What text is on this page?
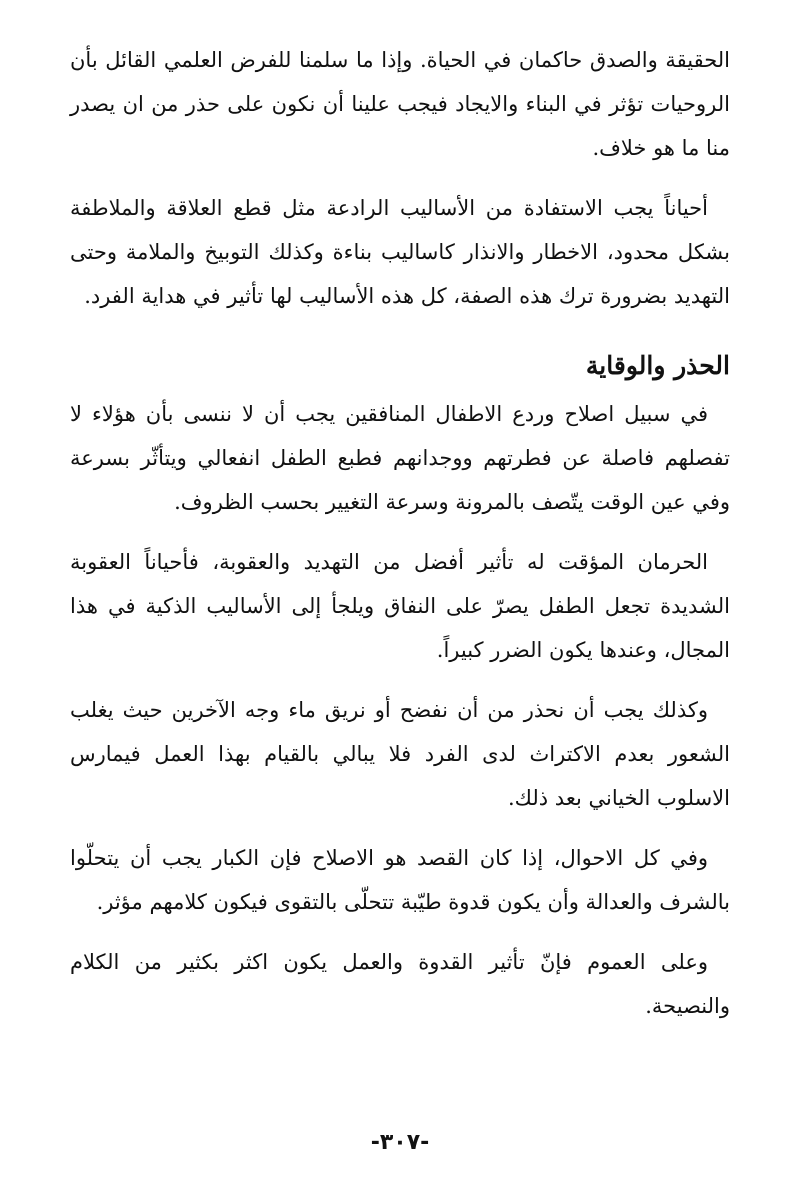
الحقيقة والصدق حاكمان في الحياة. وإذا ما سلمنا للفرض العلمي القائل بأن الروحيات تؤثر في البناء والايجاد فيجب علينا أن نكون على حذر من ان يصدر منا ما هو خلاف.

أحياناً يجب الاستفادة من الأساليب الرادعة مثل قطع العلاقة والملاطفة بشكل محدود، الاخطار والانذار كاساليب بناءة وكذلك التوبيخ والملامة وحتى التهديد بضرورة ترك هذه الصفة، كل هذه الأساليب لها تأثير في هداية الفرد.

الحذر والوقاية

في سبيل اصلاح وردع الاطفال المنافقين يجب أن لا ننسى بأن هؤلاء لا تفصلهم فاصلة عن فطرتهم ووجدانهم فطبع الطفل انفعالي ويتأثّر بسرعة وفي عين الوقت يتّصف بالمرونة وسرعة التغيير بحسب الظروف.

الحرمان المؤقت له تأثير أفضل من التهديد والعقوبة، فأحياناً العقوبة الشديدة تجعل الطفل يصرّ على النفاق ويلجأ إلى الأساليب الذكية في هذا المجال، وعندها يكون الضرر كبيراً.

وكذلك يجب أن نحذر من أن نفضح أو نريق ماء وجه الآخرين حيث يغلب الشعور بعدم الاكتراث لدى الفرد فلا يبالي بالقيام بهذا العمل فيمارس الاسلوب الخياني بعد ذلك.

وفي كل الاحوال، إذا كان القصد هو الاصلاح فإن الكبار يجب أن يتحلّوا بالشرف والعدالة وأن يكون قدوة طيّبة تتحلّى بالتقوى فيكون كلامهم مؤثر.

وعلى العموم فإنّ تأثير القدوة والعمل يكون اكثر بكثير من الكلام والنصيحة.

-٣٠٧-
